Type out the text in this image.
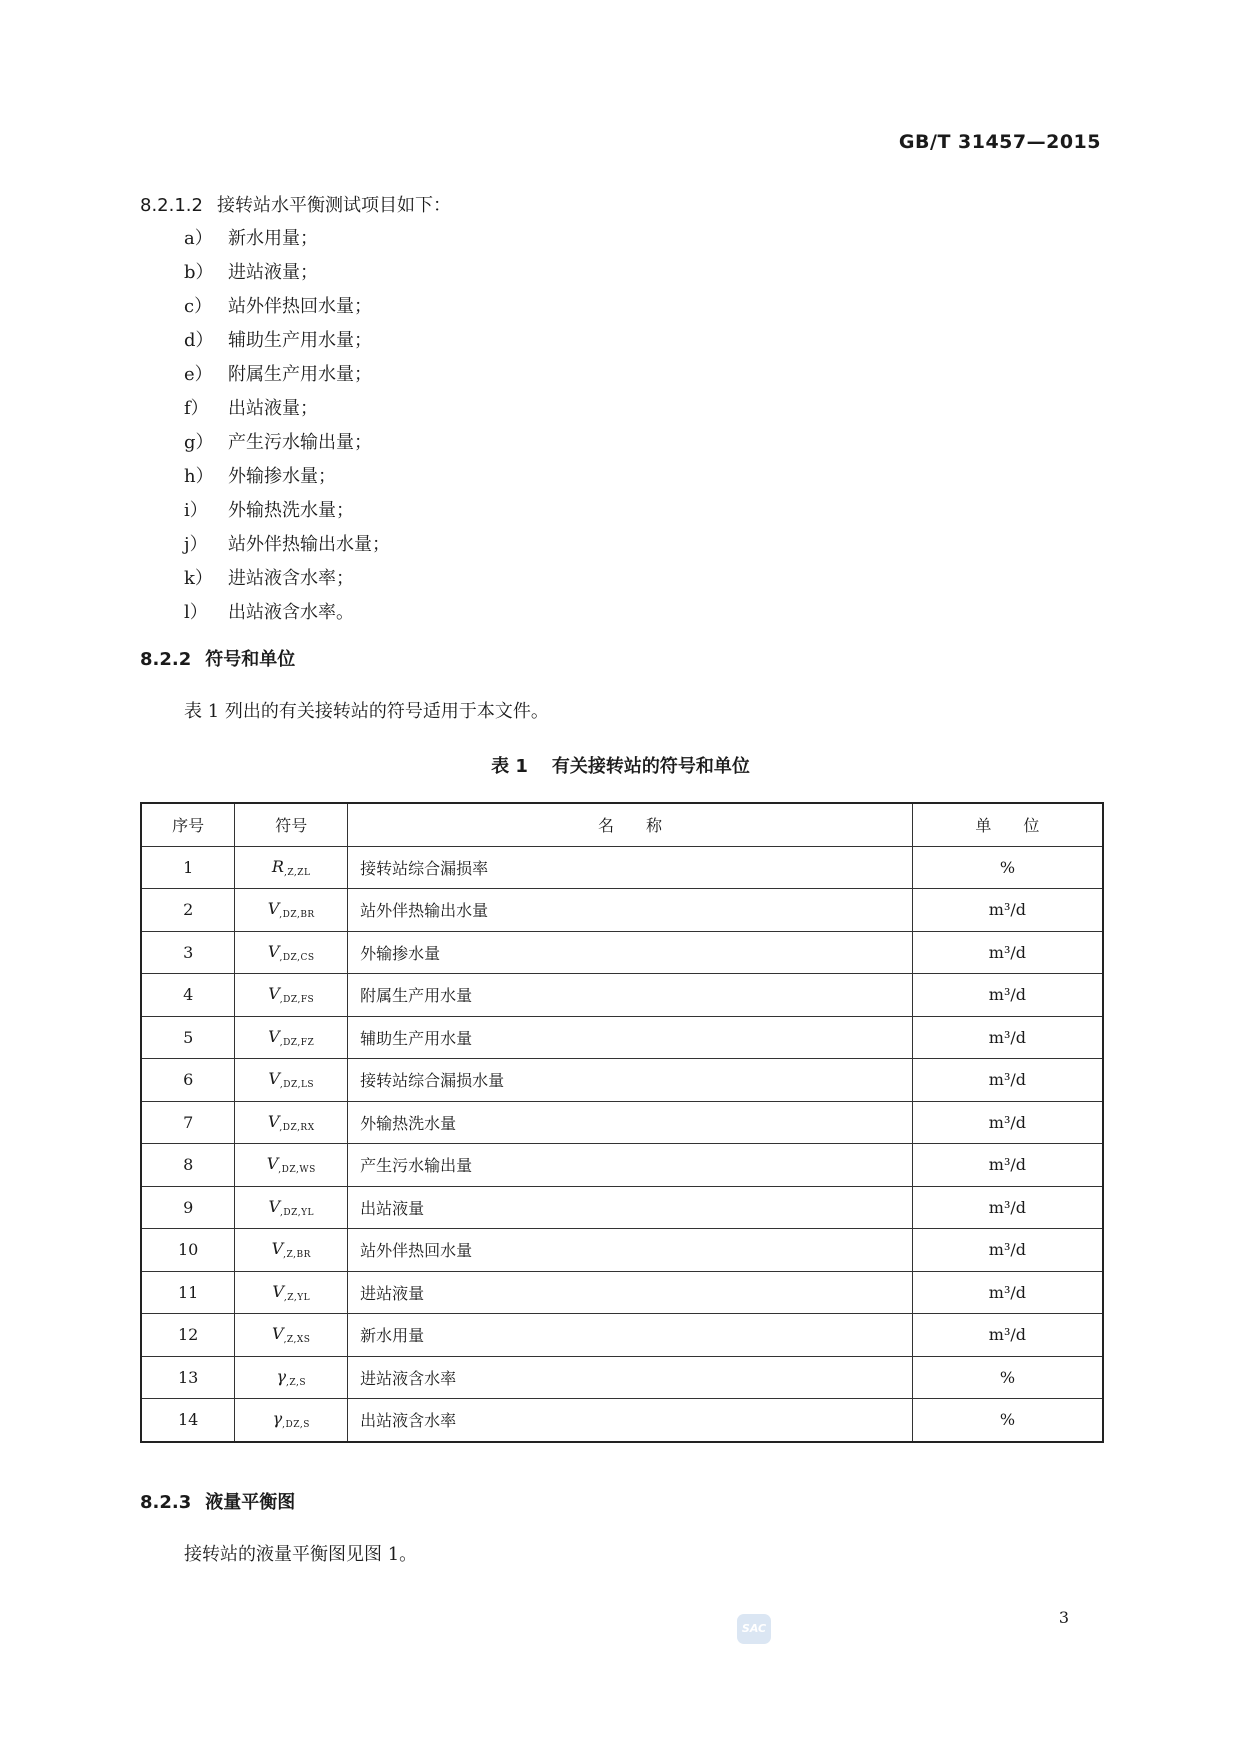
GB/T 31457—2015
8.2.1.2 接转站水平衡测试项目如下：
a） 新水用量；
b） 进站液量；
c） 站外伴热回水量；
d） 辅助生产用水量；
e） 附属生产用水量；
f） 出站液量；
g） 产生污水输出量；
h） 外输掺水量；
i） 外输热洗水量；
j） 站外伴热输出水量；
k） 进站液含水率；
l） 出站液含水率。
8.2.2 符号和单位
表 1 列出的有关接转站的符号适用于本文件。
表 1 有关接转站的符号和单位
序号	符号	名　　称	单　　位
1	R,Z,ZL	接转站综合漏损率	%
2	V,DZ,BR	站外伴热输出水量	m³/d
3	V,DZ,CS	外输掺水量	m³/d
4	V,DZ,FS	附属生产用水量	m³/d
5	V,DZ,FZ	辅助生产用水量	m³/d
6	V,DZ,LS	接转站综合漏损水量	m³/d
7	V,DZ,RX	外输热洗水量	m³/d
8	V,DZ,WS	产生污水输出量	m³/d
9	V,DZ,YL	出站液量	m³/d
10	V,Z,BR	站外伴热回水量	m³/d
11	V,Z,YL	进站液量	m³/d
12	V,Z,XS	新水用量	m³/d
13	γ,Z,S	进站液含水率	%
14	γ,DZ,S	出站液含水率	%
8.2.3 液量平衡图
接转站的液量平衡图见图 1。
3
SAC
